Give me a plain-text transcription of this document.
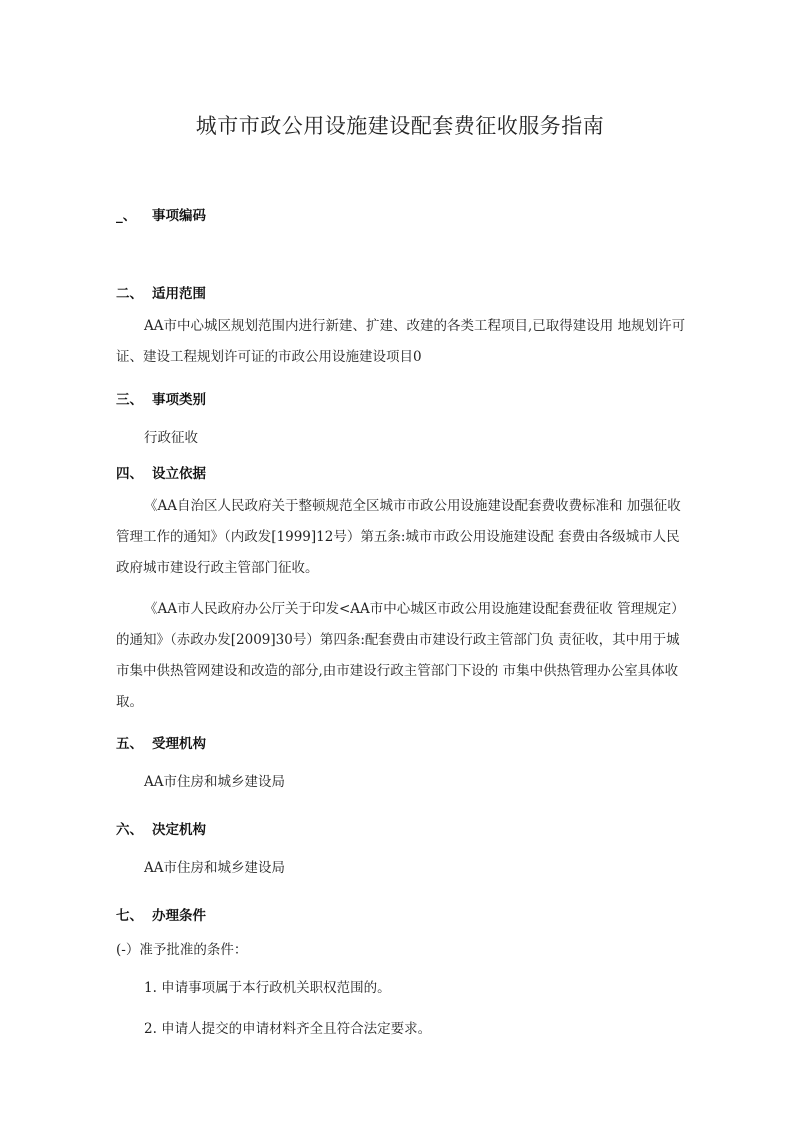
城市市政公用设施建设配套费征收服务指南
_、 事项编码
二、 适用范围
AA市中心城区规划范围内进行新建、扩建、改建的各类工程项目,已取得建设用 地规划许可证、建设工程规划许可证的市政公用设施建设项目0
三、 事项类别
行政征收
四、 设立依据
《AA自治区人民政府关于整顿规范全区城市市政公用设施建设配套费收费标准和 加强征收管理工作的通知》（内政发[1999]12号）第五条:城市市政公用设施建设配 套费由各级城市人民政府城市建设行政主管部门征收。
《AA市人民政府办公厅关于印发<AA市中心城区市政公用设施建设配套费征收 管理规定）的通知》（赤政办发[2009]30号）第四条:配套费由市建设行政主管部门负 责征收，其中用于城市集中供热管网建设和改造的部分,由市建设行政主管部门下设的 市集中供热管理办公室具体收取。
五、 受理机构
AA市住房和城乡建设局
六、 决定机构
AA市住房和城乡建设局
七、 办理条件
(-）准予批准的条件：
1. 申请事项属于本行政机关职权范围的。
2. 申请人提交的申请材料齐全且符合法定要求。
